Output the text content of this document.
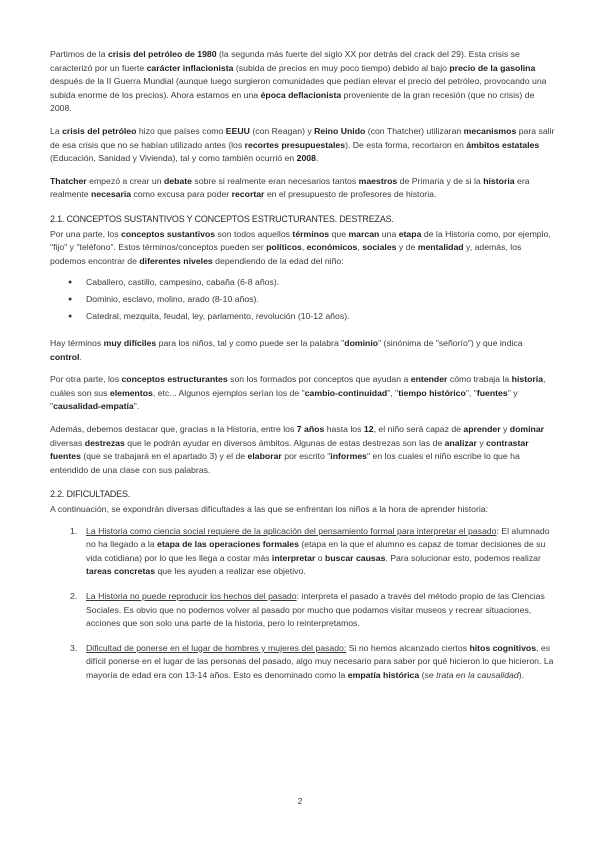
Partimos de la crisis del petróleo de 1980 (la segunda más fuerte del siglo XX por detrás del crack del 29). Esta crisis se caracterizó por un fuerte carácter inflacionista (subida de precios en muy poco tiempo) debido al bajo precio de la gasolina después de la II Guerra Mundial (aunque luego surgieron comunidades que pedían elevar el precio del petróleo, provocando una subida enorme de los precios). Ahora estamos en una época deflacionista proveniente de la gran recesión (que no crisis) de 2008.

La crisis del petróleo hizo que países como EEUU (con Reagan) y Reino Unido (con Thatcher) utilizaran mecanismos para salir de esa crisis que no se habían utilizado antes (los recortes presupuestales). De esta forma, recortaron en ámbitos estatales (Educación, Sanidad y Vivienda), tal y como también ocurrió en 2008.

Thatcher empezó a crear un debate sobre si realmente eran necesarios tantos maestros de Primaria y de si la historia era realmente necesaria como excusa para poder recortar en el presupuesto de profesores de historia.

2.1. CONCEPTOS SUSTANTIVOS Y CONCEPTOS ESTRUCTURANTES. DESTREZAS.

Por una parte, los conceptos sustantivos son todos aquellos términos que marcan una etapa de la Historia como, por ejemplo, "fijo" y "teléfono". Estos términos/conceptos pueden ser políticos, económicos, sociales y de mentalidad y, además, los podemos encontrar de diferentes niveles dependiendo de la edad del niño:

● Caballero, castillo, campesino, cabaña (6-8 años).
● Dominio, esclavo, molino, arado (8-10 años).
● Catedral, mezquita, feudal, ley, parlamento, revolución (10-12 años).

Hay términos muy difíciles para los niños, tal y como puede ser la palabra "dominio" (sinónima de "señorío") y que indica control.

Por otra parte, los conceptos estructurantes son los formados por conceptos que ayudan a entender cómo trabaja la historia, cuáles son sus elementos, etc... Algunos ejemplos serían los de "cambio-continuidad", "tiempo histórico", "fuentes" y "causalidad-empatía".

Además, debemos destacar que, gracias a la Historia, entre los 7 años hasta los 12, el niño será capaz de aprender y dominar diversas destrezas que le podrán ayudar en diversos ámbitos. Algunas de estas destrezas son las de analizar y contrastar fuentes (que se trabajará en el apartado 3) y el de elaborar por escrito "informes" en los cuales el niño escribe lo que ha entendido de una clase con sus palabras.

2.2. DIFICULTADES.

A continuación, se expondrán diversas dificultades a las que se enfrentan los niños a la hora de aprender historia:

1. La Historia como ciencia social requiere de la aplicación del pensamiento formal para interpretar el pasado: El alumnado no ha llegado a la etapa de las operaciones formales (etapa en la que el alumno es capaz de tomar decisiones de su vida cotidiana) por lo que les llega a costar más interpretar o buscar causas. Para solucionar esto, podemos realizar tareas concretas que les ayuden a realizar ese objetivo.
2. La Historia no puede reproducir los hechos del pasado: interpreta el pasado a través del método propio de las Ciencias Sociales. Es obvio que no podemos volver al pasado por mucho que podamos visitar museos y recrear situaciones, acciones que son solo una parte de la historia, pero lo reinterpretamos.
3. Dificultad de ponerse en el lugar de hombres y mujeres del pasado: Si no hemos alcanzado ciertos hitos cognitivos, es difícil ponerse en el lugar de las personas del pasado, algo muy necesario para saber por qué hicieron lo que hicieron. La mayoría de edad era con 13-14 años. Esto es denominado como la empatía histórica (se trata en la causalidad).
2
